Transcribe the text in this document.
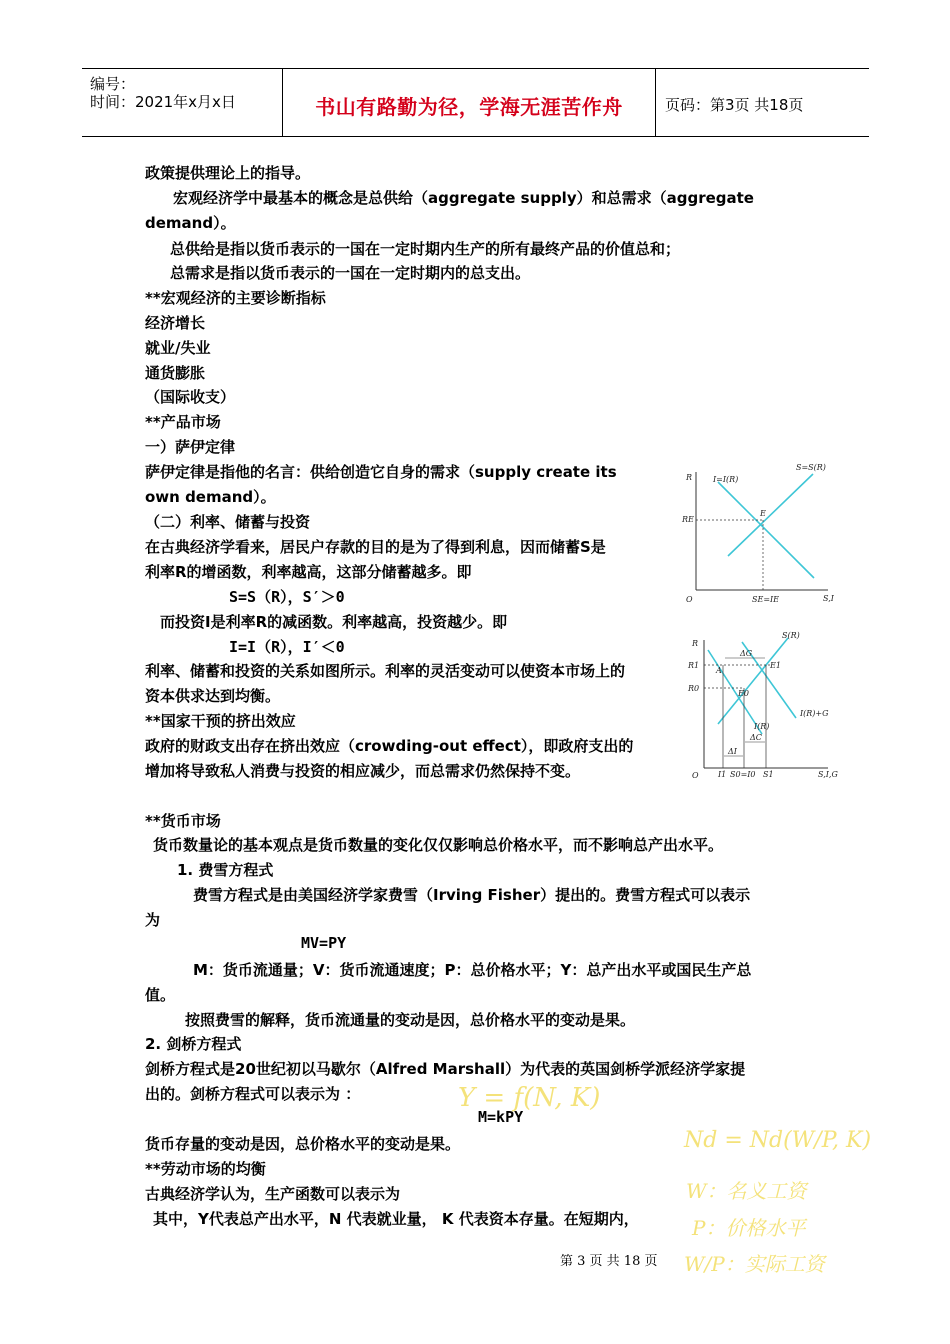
编号：
时间：2021年x月x日	书山有路勤为径，学海无涯苦作舟	页码：第3页 共18页
政策提供理论上的指导。
宏观经济学中最基本的概念是总供给（aggregate supply）和总需求（aggregate
demand）。
总供给是指以货币表示的一国在一定时期内生产的所有最终产品的价值总和；
总需求是指以货币表示的一国在一定时期内的总支出。
**宏观经济的主要诊断指标
经济增长
就业/失业
通货膨胀
（国际收支）
**产品市场
一）萨伊定律
萨伊定律是指他的名言：供给创造它自身的需求（supply create its
own demand）。
（二）利率、储蓄与投资
在古典经济学看来，居民户存款的目的是为了得到利息，因而储蓄S是
利率R的增函数，利率越高，这部分储蓄越多。即
S=S（R），S′＞0
而投资I是利率R的减函数。利率越高，投资越少。即
I=I（R），I′＜0
利率、储蓄和投资的关系如图所示。利率的灵活变动可以使资本市场上的
资本供求达到均衡。
**国家干预的挤出效应
政府的财政支出存在挤出效应（crowding-out effect），即政府支出的
增加将导致私人消费与投资的相应减少，而总需求仍然保持不变。
**货币市场
货币数量论的基本观点是货币数量的变化仅仅影响总价格水平，而不影响总产出水平。
1. 费雪方程式
费雪方程式是由美国经济学家费雪（Irving Fisher）提出的。费雪方程式可以表示
为
MV=PY
M：货币流通量；V：货币流通速度；P：总价格水平；Y：总产出水平或国民生产总
值。
按照费雪的解释，货币流通量的变动是因，总价格水平的变动是果。
2. 剑桥方程式
剑桥方程式是20世纪初以马歇尔（Alfred Marshall）为代表的英国剑桥学派经济学家提
出的。剑桥方程式可以表示为 ：
M=kPY
货币存量的变动是因，总价格水平的变动是果。
**劳动市场的均衡
古典经济学认为，生产函数可以表示为
其中，Y代表总产出水平，N 代表就业量， K 代表资本存量。在短期内，
Y = f(N, K)
Nd = Nd(W/P, K)
W：名义工资
P：价格水平
W/P：实际工资
R
S,I
O
I=I(R)
S=S(R)
E
RE
SE=IE
R
S,I,G
O
S(R)
I(R)
I(R)+G
R1
R0
ΔG
ΔC
ΔI
A
E0
E1
I1 S0=I0 S1
第 3 页 共 18 页
